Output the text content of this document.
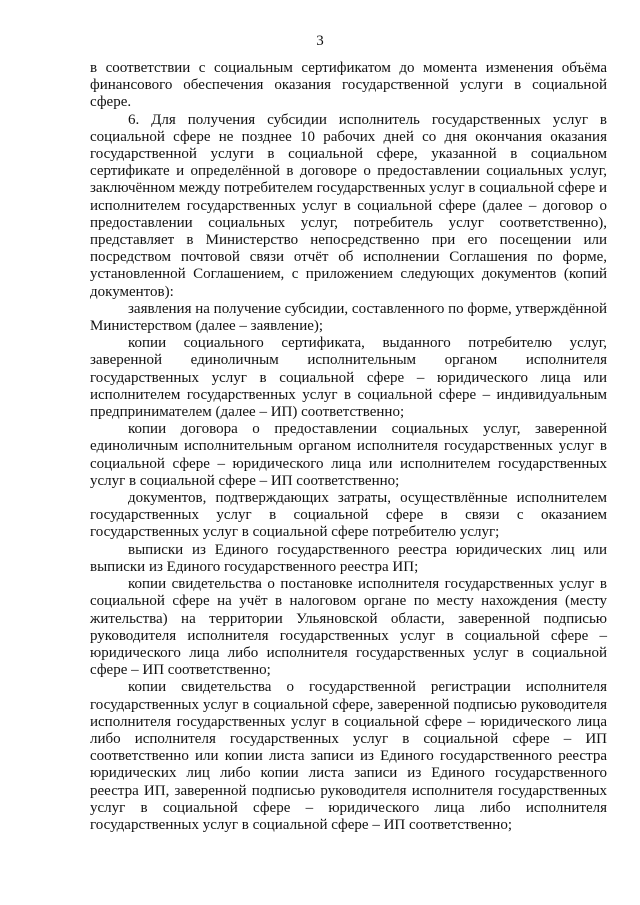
3

в соответствии с социальным сертификатом до момента изменения объёма финансового обеспечения оказания государственной услуги в социальной сфере.

6. Для получения субсидии исполнитель государственных услуг в социальной сфере не позднее 10 рабочих дней со дня окончания оказания государственной услуги в социальной сфере, указанной в социальном сертификате и определённой в договоре о предоставлении социальных услуг, заключённом между потребителем государственных услуг в социальной сфере и исполнителем государственных услуг в социальной сфере (далее – договор о предоставлении социальных услуг, потребитель услуг соответственно), представляет в Министерство непосредственно при его посещении или посредством почтовой связи отчёт об исполнении Соглашения по форме, установленной Соглашением, с приложением следующих документов (копий документов):

заявления на получение субсидии, составленного по форме, утверждённой Министерством (далее – заявление);

копии социального сертификата, выданного потребителю услуг, заверенной единоличным исполнительным органом исполнителя государственных услуг в социальной сфере – юридического лица или исполнителем государственных услуг в социальной сфере – индивидуальным предпринимателем (далее – ИП) соответственно;

копии договора о предоставлении социальных услуг, заверенной единоличным исполнительным органом исполнителя государственных услуг в социальной сфере – юридического лица или исполнителем государственных услуг в социальной сфере – ИП соответственно;

документов, подтверждающих затраты, осуществлённые исполнителем государственных услуг в социальной сфере в связи с оказанием государственных услуг в социальной сфере потребителю услуг;

выписки из Единого государственного реестра юридических лиц или выписки из Единого государственного реестра ИП;

копии свидетельства о постановке исполнителя государственных услуг в социальной сфере на учёт в налоговом органе по месту нахождения (месту жительства) на территории Ульяновской области, заверенной подписью руководителя исполнителя государственных услуг в социальной сфере – юридического лица либо исполнителя государственных услуг в социальной сфере – ИП соответственно;

копии свидетельства о государственной регистрации исполнителя государственных услуг в социальной сфере, заверенной подписью руководителя исполнителя государственных услуг в социальной сфере – юридического лица либо исполнителя государственных услуг в социальной сфере – ИП соответственно или копии листа записи из Единого государственного реестра юридических лиц либо копии листа записи из Единого государственного реестра ИП, заверенной подписью руководителя исполнителя государственных услуг в социальной сфере – юридического лица либо исполнителя государственных услуг в социальной сфере – ИП соответственно;
